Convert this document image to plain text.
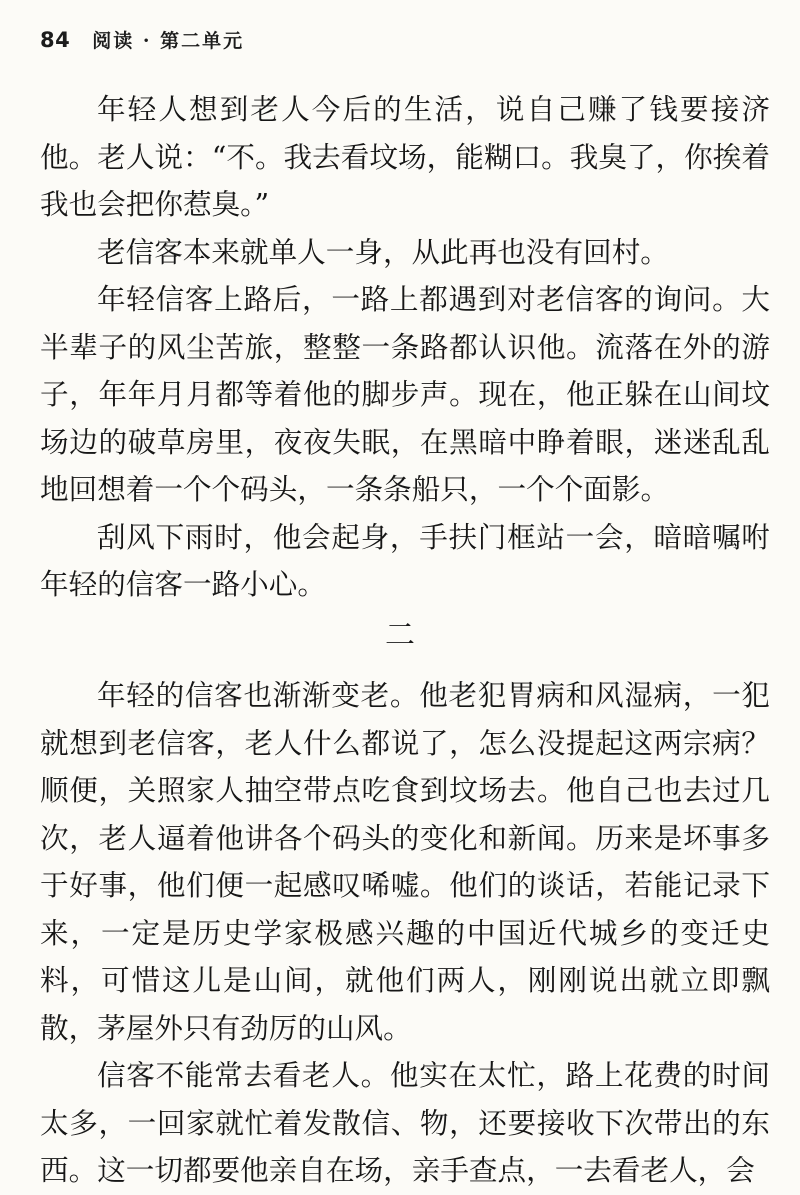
84 阅读 · 第二单元

年轻人想到老人今后的生活，说自己赚了钱要接济他。老人说：“不。我去看坟场，能糊口。我臭了，你挨着我也会把你惹臭。”

老信客本来就单人一身，从此再也没有回村。

年轻信客上路后，一路上都遇到对老信客的询问。大半辈子的风尘苦旅，整整一条路都认识他。流落在外的游子，年年月月都等着他的脚步声。现在，他正躲在山间坟场边的破草房里，夜夜失眠，在黑暗中睁着眼，迷迷乱乱地回想着一个个码头，一条条船只，一个个面影。

刮风下雨时，他会起身，手扶门框站一会，暗暗嘱咐年轻的信客一路小心。

二

年轻的信客也渐渐变老。他老犯胃病和风湿病，一犯就想到老信客，老人什么都说了，怎么没提起这两宗病？顺便，关照家人抽空带点吃食到坟场去。他自己也去过几次，老人逼着他讲各个码头的变化和新闻。历来是坏事多于好事，他们便一起感叹唏嘘。他们的谈话，若能记录下来，一定是历史学家极感兴趣的中国近代城乡的变迁史料，可惜这儿是山间，就他们两人，刚刚说出就立即飘散，茅屋外只有劲厉的山风。

信客不能常去看老人。他实在太忙，路上花费的时间太多，一回家就忙着发散信、物，还要接收下次带出的东西。这一切都要他亲自在场，亲手查点，一去看老人，会
